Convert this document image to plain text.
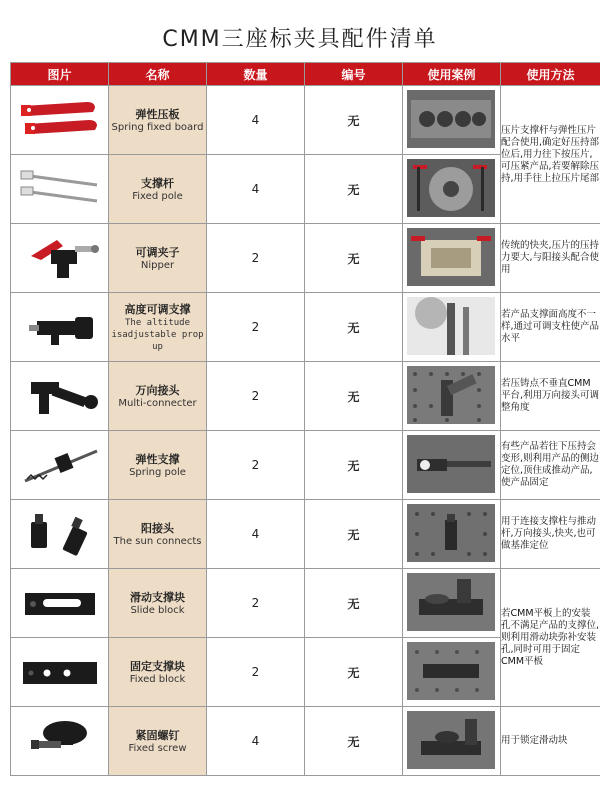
CMM三座标夹具配件清单
图片	名称	数量	编号	使用案例	使用方法

弹性压板
Spring fixed board	4	无		压片支撑杆与弹性压片配合使用,确定好压持部位后,用力往下按压片,可压紧产品,若要解除压持,用手往上拉压片尾部

支撑杆
Fixed pole	4	无	

可调夹子
Nipper	2	无		传统的快夹,压片的压持力要大,与阳接头配合使用

高度可调支撑
The altitude isadjustable prop up	2	无		若产品支撑面高度不一样,通过可调支柱使产品水平

万向接头
Multi-connecter	2	无		若压铸点不垂直CMM平台,利用万向接头可调整角度

弹性支撑
Spring pole	2	无		有些产品若往下压持会变形,则利用产品的侧边定位,顶住成推动产品,使产品固定

阳接头
The sun connects	4	无		用于连接支撑柱与推动杆,万向接头,快夹,也可做基准定位

滑动支撑块
Slide block	2	无		若CMM平板上的安装孔不满足产品的支撑位,则利用滑动块弥补安装孔,同时可用于固定CMM平板

固定支撑块
Fixed block	2	无	

紧固螺钉
Fixed screw	4	无		用于锁定滑动块
